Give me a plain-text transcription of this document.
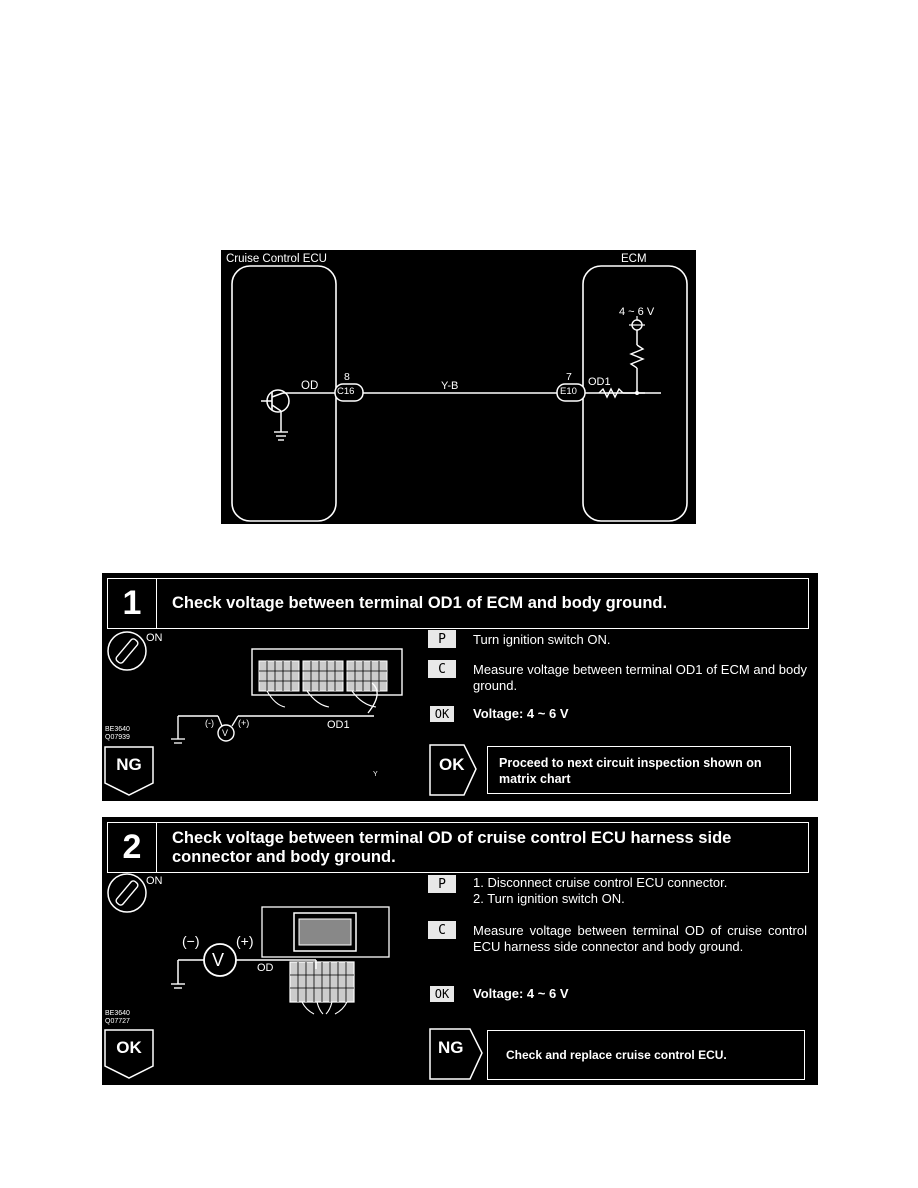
Cruise Control ECU	ECM
4 ~ 6 V
OD
8
C16	Y-B
7
E10
OD1
1	Check voltage between terminal OD1 of ECM and body ground.
ON
BE3640
Q07939
(-)	(+)
V
OD1
Y
P	Turn ignition switch ON.
C	Measure voltage between terminal OD1 of ECM and body ground.
OK	Voltage: 4 ~ 6 V
NG	OK	Proceed to next circuit inspection shown on matrix chart
2	Check voltage between terminal OD of cruise control ECU harness side connector and body ground.
ON
BE3640
Q07727
(−)	(+)
V	OD
P	1. Disconnect cruise control ECU connector.
2. Turn ignition switch ON.
C	Measure voltage between terminal OD of cruise control ECU harness side connector and body ground.
OK	Voltage: 4 ~ 6 V
OK	NG	Check and replace cruise control ECU.
